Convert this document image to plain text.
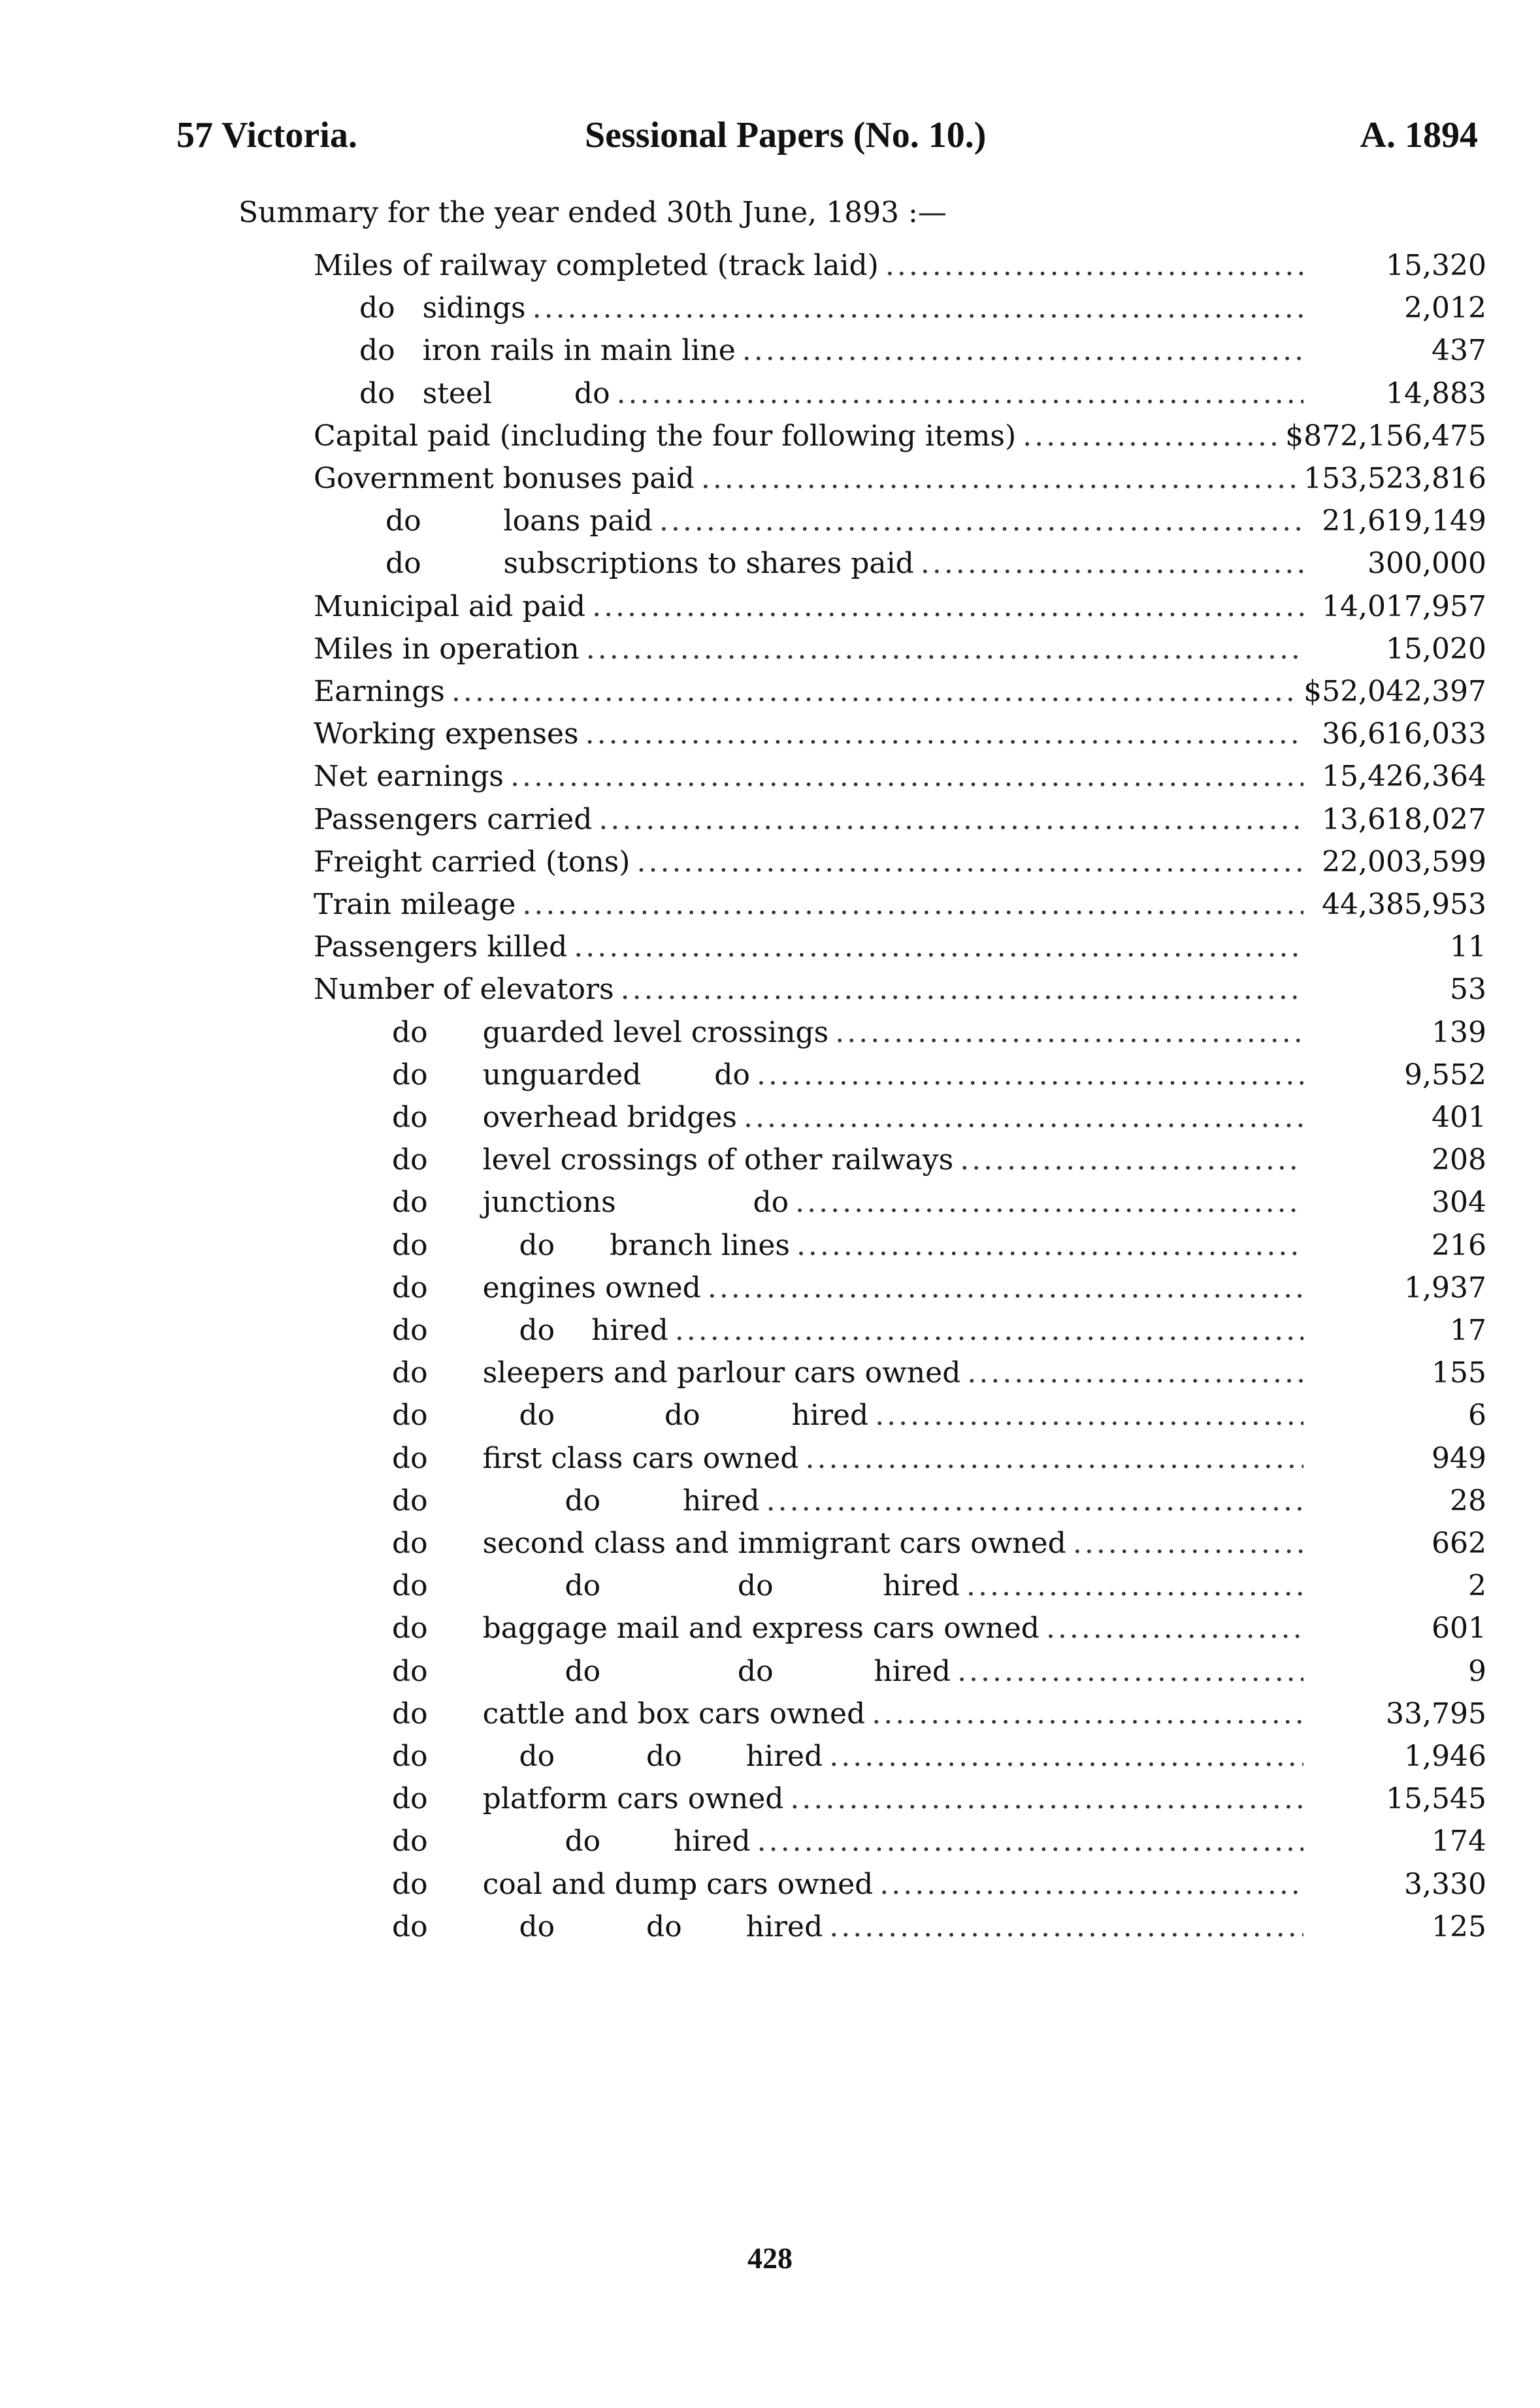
57 Victoria.	Sessional Papers (No. 10.)	A. 1894
Summary for the year ended 30th June, 1893 :—
Miles of railway completed (track laid) .....	15,320
do   sidings .....	2,012
do   iron rails in main line .....	437
do   steel         do .....	14,883
Capital paid (including the four following items) .....	$872,156,475
Government bonuses paid .....	153,523,816
do         loans paid .....	21,619,149
do         subscriptions to shares paid .....	300,000
Municipal aid paid .....	14,017,957
Miles in operation .....	15,020
Earnings .....	$52,042,397
Working expenses .....	36,616,033
Net earnings .....	15,426,364
Passengers carried .....	13,618,027
Freight carried (tons) .....	22,003,599
Train mileage .....	44,385,953
Passengers killed .....	11
Number of elevators .....	53
do      guarded level crossings .....	139
do      unguarded        do .....	9,552
do      overhead bridges .....	401
do      level crossings of other railways .....	208
do      junctions               do .....	304
do          do      branch lines .....	216
do      engines owned .....	1,937
do          do    hired .....	17
do      sleepers and parlour cars owned .....	155
do          do            do          hired .....	6
do      first class cars owned .....	949
do               do         hired .....	28
do      second class and immigrant cars owned .....	662
do               do               do            hired .....	2
do      baggage mail and express cars owned .....	601
do               do               do           hired .....	9
do      cattle and box cars owned .....	33,795
do          do          do       hired .....	1,946
do      platform cars owned .....	15,545
do               do        hired .....	174
do      coal and dump cars owned .....	3,330
do          do          do       hired .....	125
428
